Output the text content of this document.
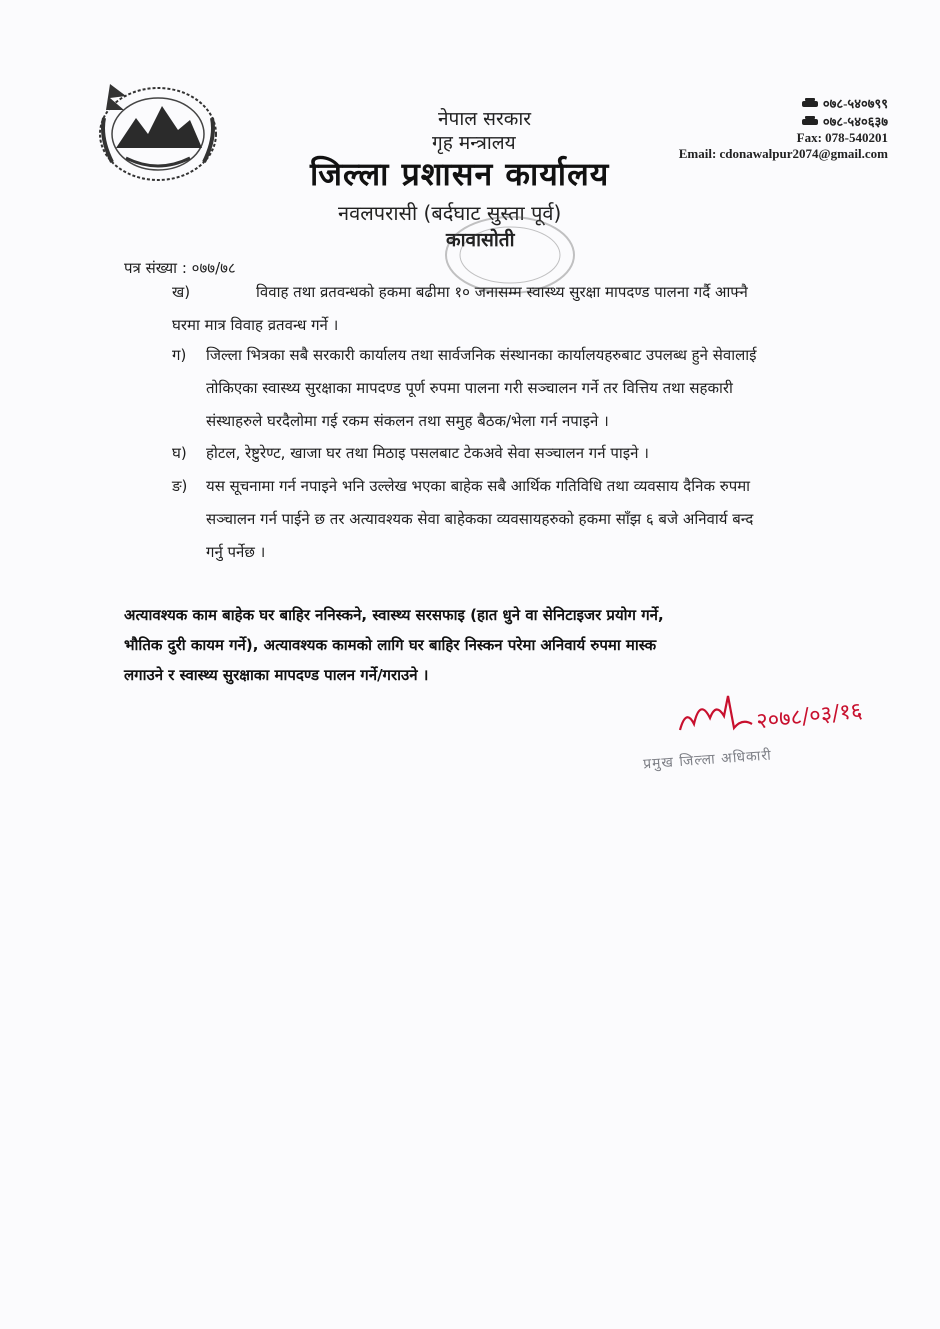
नेपाल सरकार
गृह मन्त्रालय
जिल्ला प्रशासन कार्यालय
नवलपरासी (बर्दघाट सुस्ता पूर्व)
कावासोती
०७८-५४०७९९
०७८-५४०६३७
Fax: 078-540201
Email: cdonawalpur2074@gmail.com
पत्र संख्या : ०७७/७८
ख)	विवाह तथा व्रतवन्धको हकमा बढीमा १० जनासम्म स्वास्थ्य सुरक्षा मापदण्ड पालना गर्दै आफ्नै
घरमा मात्र विवाह व्रतवन्ध गर्ने ।
ग) जिल्ला भित्रका सबै सरकारी कार्यालय तथा सार्वजनिक संस्थानका कार्यालयहरुबाट उपलब्ध हुने सेवालाई
तोकिएका स्वास्थ्य सुरक्षाका मापदण्ड पूर्ण रुपमा पालना गरी सञ्चालन गर्ने तर वित्तिय तथा सहकारी
संस्थाहरुले घरदैलोमा गई रकम संकलन तथा समुह बैठक/भेला गर्न नपाइने ।
घ) होटल, रेष्टुरेण्ट, खाजा घर तथा मिठाइ पसलबाट टेकअवे सेवा सञ्चालन गर्न पाइने ।
ङ) यस सूचनामा गर्न नपाइने भनि उल्लेख भएका बाहेक सबै आर्थिक गतिविधि तथा व्यवसाय दैनिक रुपमा
सञ्चालन गर्न पाईने छ तर अत्यावश्यक सेवा बाहेकका व्यवसायहरुको हकमा साँझ ६ बजे अनिवार्य बन्द
गर्नु पर्नेछ ।
अत्यावश्यक काम बाहेक घर बाहिर ननिस्कने, स्वास्थ्य सरसफाइ (हात धुने वा सेनिटाइजर प्रयोग गर्ने,
भौतिक दुरी कायम गर्ने), अत्यावश्यक कामको लागि घर बाहिर निस्कन परेमा अनिवार्य रुपमा मास्क
लगाउने र स्वास्थ्य सुरक्षाका मापदण्ड पालन गर्ने/गराउने ।
२०७८/०३/१६
प्रमुख जिल्ला अधिकारी
